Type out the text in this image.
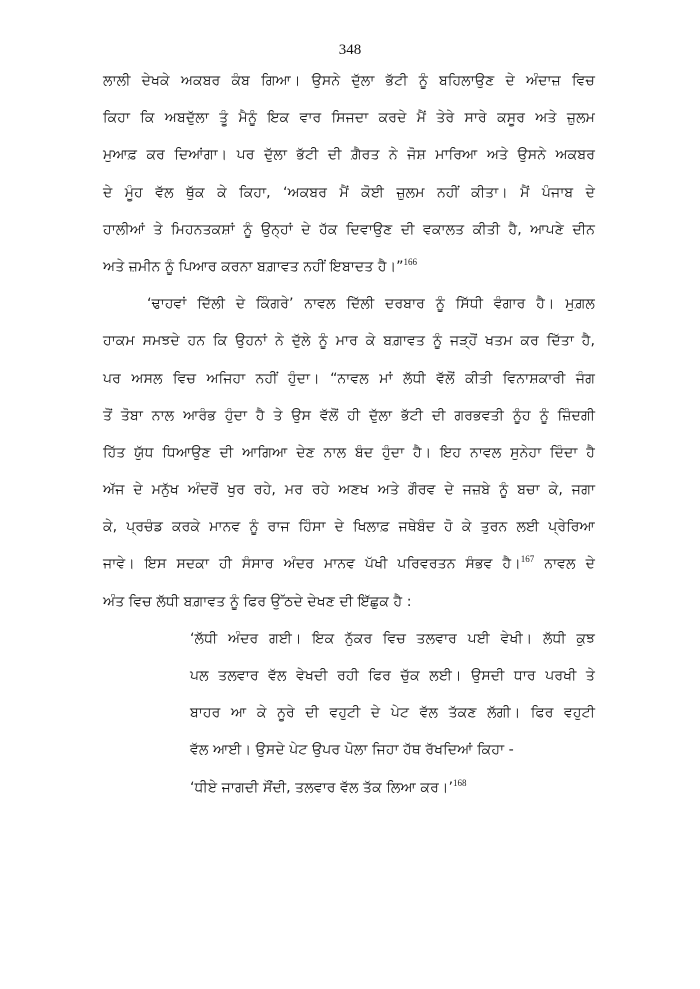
348
ਲਾਲੀ ਦੇਖਕੇ ਅਕਬਰ ਕੰਬ ਗਿਆ। ਉਸਨੇ ਦੁੱਲਾ ਭੱਟੀ ਨੂੰ ਬਹਿਲਾਉਣ ਦੇ ਅੰਦਾਜ਼ ਵਿਚ
ਕਿਹਾ ਕਿ ਅਬਦੁੱਲਾ ਤੂੰ ਮੈਨੂੰ ਇਕ ਵਾਰ ਸਿਜਦਾ ਕਰਦੇ ਮੈਂ ਤੇਰੇ ਸਾਰੇ ਕਸੂਰ ਅਤੇ ਜ਼ੁਲਮ
ਮੁਆਫ਼ ਕਰ ਦਿਆਂਗਾ। ਪਰ ਦੁੱਲਾ ਭੱਟੀ ਦੀ ਗ਼ੈਰਤ ਨੇ ਜੋਸ਼ ਮਾਰਿਆ ਅਤੇ ਉਸਨੇ ਅਕਬਰ
ਦੇ ਮੂੰਹ ਵੱਲ ਥੁੱਕ ਕੇ ਕਿਹਾ, ‘ਅਕਬਰ ਮੈਂ ਕੋਈ ਜ਼ੁਲਮ ਨਹੀਂ ਕੀਤਾ। ਮੈਂ ਪੰਜਾਬ ਦੇ
ਹਾਲੀਆਂ ਤੇ ਮਿਹਨਤਕਸ਼ਾਂ ਨੂੰ ਉਨ੍ਹਾਂ ਦੇ ਹੱਕ ਦਿਵਾਉਣ ਦੀ ਵਕਾਲਤ ਕੀਤੀ ਹੈ, ਆਪਣੇ ਦੀਨ
ਅਤੇ ਜ਼ਮੀਨ ਨੂੰ ਪਿਆਰ ਕਰਨਾ ਬਗ਼ਾਵਤ ਨਹੀਂ ਇਬਾਦਤ ਹੈ।”$^{166}$
‘ਢਾਹਵਾਂ ਦਿੱਲੀ ਦੇ ਕਿੰਗਰੇ’ ਨਾਵਲ ਦਿੱਲੀ ਦਰਬਾਰ ਨੂੰ ਸਿੱਧੀ ਵੰਗਾਰ ਹੈ। ਮੁਗ਼ਲ
ਹਾਕਮ ਸਮਝਦੇ ਹਨ ਕਿ ਉਹਨਾਂ ਨੇ ਦੁੱਲੇ ਨੂੰ ਮਾਰ ਕੇ ਬਗ਼ਾਵਤ ਨੂੰ ਜੜ੍ਹੋਂ ਖਤਮ ਕਰ ਦਿੱਤਾ ਹੈ,
ਪਰ ਅਸਲ ਵਿਚ ਅਜਿਹਾ ਨਹੀਂ ਹੁੰਦਾ। “ਨਾਵਲ ਮਾਂ ਲੱਧੀ ਵੱਲੋਂ ਕੀਤੀ ਵਿਨਾਸ਼ਕਾਰੀ ਜੰਗ
ਤੋਂ ਤੋਬਾ ਨਾਲ ਆਰੰਭ ਹੁੰਦਾ ਹੈ ਤੇ ਉਸ ਵੱਲੋਂ ਹੀ ਦੁੱਲਾ ਭੱਟੀ ਦੀ ਗਰਭਵਤੀ ਨੂੰਹ ਨੂੰ ਜ਼ਿੰਦਗੀ
ਹਿੱਤ ਯੁੱਧ ਧਿਆਉਣ ਦੀ ਆਗਿਆ ਦੇਣ ਨਾਲ ਬੰਦ ਹੁੰਦਾ ਹੈ। ਇਹ ਨਾਵਲ ਸੁਨੇਹਾ ਦਿੰਦਾ ਹੈ
ਅੱਜ ਦੇ ਮਨੁੱਖ ਅੰਦਰੋਂ ਖੁਰ ਰਹੇ, ਮਰ ਰਹੇ ਅਣਖ ਅਤੇ ਗੌਰਵ ਦੇ ਜਜ਼ਬੇ ਨੂੰ ਬਚਾ ਕੇ, ਜਗਾ
ਕੇ, ਪ੍ਰਚੰਡ ਕਰਕੇ ਮਾਨਵ ਨੂੰ ਰਾਜ ਹਿੰਸਾ ਦੇ ਖਿਲਾਫ਼ ਜਥੇਬੰਦ ਹੋ ਕੇ ਤੁਰਨ ਲਈ ਪ੍ਰੇਰਿਆ
ਜਾਵੇ। ਇਸ ਸਦਕਾ ਹੀ ਸੰਸਾਰ ਅੰਦਰ ਮਾਨਵ ਪੱਖੀ ਪਰਿਵਰਤਨ ਸੰਭਵ ਹੈ।$^{167}$ ਨਾਵਲ ਦੇ
ਅੰਤ ਵਿਚ ਲੱਧੀ ਬਗ਼ਾਵਤ ਨੂੰ ਫਿਰ ਉੱਠਦੇ ਦੇਖਣ ਦੀ ਇੱਛੁਕ ਹੈ :
‘ਲੱਧੀ ਅੰਦਰ ਗਈ। ਇਕ ਨੁੱਕਰ ਵਿਚ ਤਲਵਾਰ ਪਈ ਵੇਖੀ। ਲੱਧੀ ਕੁਝ
ਪਲ ਤਲਵਾਰ ਵੱਲ ਵੇਖਦੀ ਰਹੀ ਫਿਰ ਚੁੱਕ ਲਈ। ਉਸਦੀ ਧਾਰ ਪਰਖੀ ਤੇ
ਬਾਹਰ ਆ ਕੇ ਨੂਰੇ ਦੀ ਵਹੁਟੀ ਦੇ ਪੇਟ ਵੱਲ ਤੱਕਣ ਲੱਗੀ। ਫਿਰ ਵਹੁਟੀ
ਵੱਲ ਆਈ। ਉਸਦੇ ਪੇਟ ਉਪਰ ਪੋਲਾ ਜਿਹਾ ਹੱਥ ਰੱਖਦਿਆਂ ਕਿਹਾ -
‘ਧੀਏ ਜਾਗਦੀ ਸੌਂਦੀ, ਤਲਵਾਰ ਵੱਲ ਤੱਕ ਲਿਆ ਕਰ।’$^{168}$
